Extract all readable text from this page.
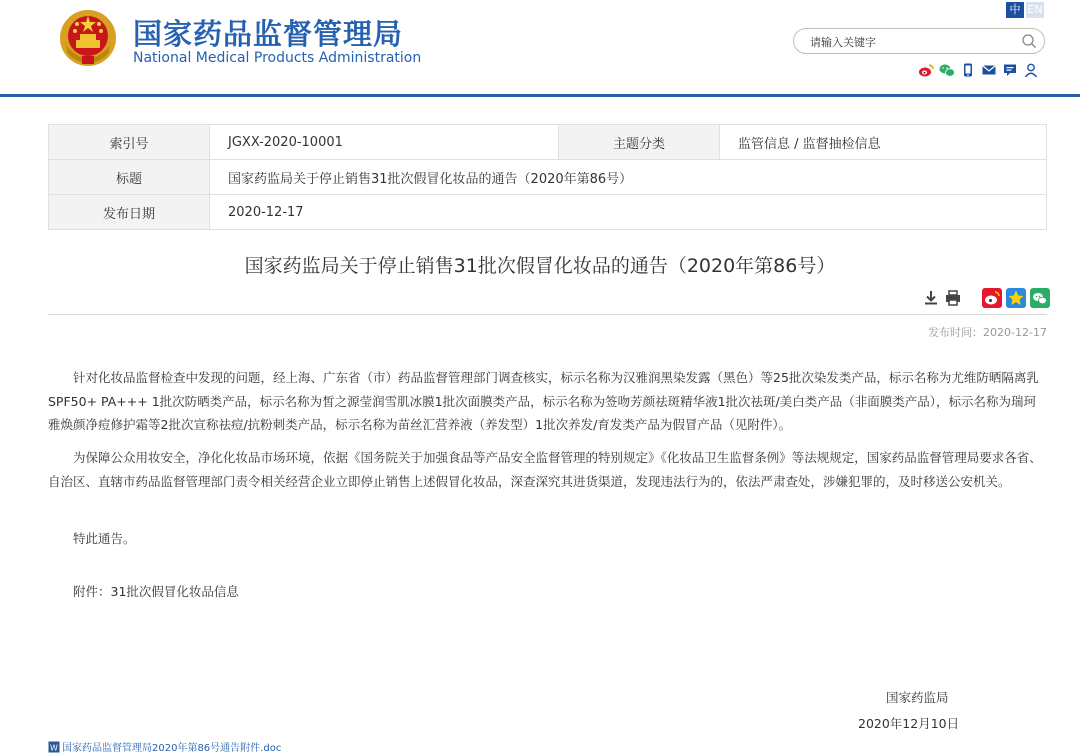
国家药品监督管理局
National Medical Products Administration
中 EN
请输入关键字
索引号	JGXX-2020-10001	主题分类	监管信息 / 监督抽检信息
标题	国家药监局关于停止销售31批次假冒化妆品的通告（2020年第86号）		
发布日期	2020-12-17		
国家药监局关于停止销售31批次假冒化妆品的通告（2020年第86号）
发布时间：2020-12-17
针对化妆品监督检查中发现的问题，经上海、广东省（市）药品监督管理部门调查核实，标示名称为汉雅润黑染发露（黑色）等25批次染发类产品，标示名称为尤维防晒隔离乳SPF50+ PA+++ 1批次防晒类产品，标示名称为皙之源莹润雪肌冰膜1批次面膜类产品，标示名称为签吻芳颜祛斑精华液1批次祛斑/美白类产品（非面膜类产品），标示名称为瑞珂雅焕颜净痘修护霜等2批次宣称祛痘/抗粉刺类产品，标示名称为苗丝汇营养液（养发型）1批次养发/育发类产品为假冒产品（见附件）。
为保障公众用妆安全，净化化妆品市场环境，依据《国务院关于加强食品等产品安全监督管理的特别规定》《化妆品卫生监督条例》等法规规定，国家药品监督管理局要求各省、自治区、直辖市药品监督管理部门责令相关经营企业立即停止销售上述假冒化妆品，深查深究其进货渠道，发现违法行为的，依法严肃查处，涉嫌犯罪的，及时移送公安机关。
特此通告。
附件：31批次假冒化妆品信息
国家药监局
2020年12月10日
W 国家药品监督管理局2020年第86号通告附件.doc
